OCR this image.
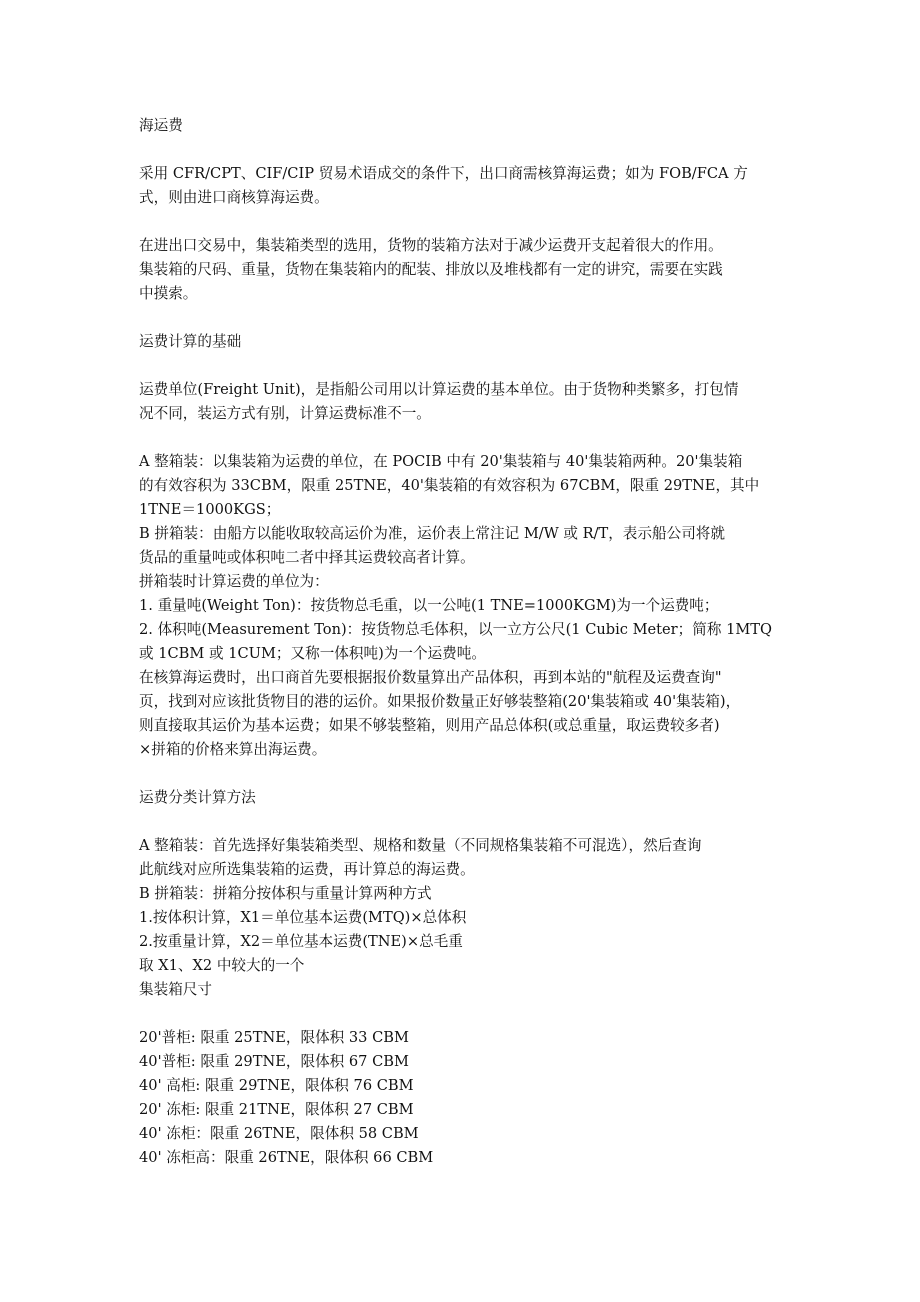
海运费

采用 CFR/CPT、CIF/CIP 贸易术语成交的条件下，出口商需核算海运费；如为 FOB/FCA 方

式，则由进口商核算海运费。

在进出口交易中，集装箱类型的选用，货物的装箱方法对于减少运费开支起着很大的作用。

集装箱的尺码、重量，货物在集装箱内的配装、排放以及堆栈都有一定的讲究，需要在实践

中摸索。

运费计算的基础

运费单位(Freight Unit)，是指船公司用以计算运费的基本单位。由于货物种类繁多，打包情

况不同，装运方式有别，计算运费标准不一。

A 整箱装：以集装箱为运费的单位，在 POCIB 中有 20'集装箱与 40'集装箱两种。20'集装箱

的有效容积为 33CBM，限重 25TNE，40'集装箱的有效容积为 67CBM，限重 29TNE，其中

1TNE＝1000KGS；

B 拼箱装：由船方以能收取较高运价为准，运价表上常注记 M/W 或 R/T，表示船公司将就

货品的重量吨或体积吨二者中择其运费较高者计算。

拼箱装时计算运费的单位为：

1. 重量吨(Weight Ton)：按货物总毛重，以一公吨(1 TNE=1000KGM)为一个运费吨；

2. 体积吨(Measurement Ton)：按货物总毛体积，以一立方公尺(1 Cubic Meter；简称 1MTQ

或 1CBM 或 1CUM；又称一体积吨)为一个运费吨。

在核算海运费时，出口商首先要根据报价数量算出产品体积，再到本站的"航程及运费查询"

页，找到对应该批货物目的港的运价。如果报价数量正好够装整箱(20'集装箱或 40'集装箱)，

则直接取其运价为基本运费；如果不够装整箱，则用产品总体积(或总重量，取运费较多者)

×拼箱的价格来算出海运费。

运费分类计算方法

A 整箱装：首先选择好集装箱类型、规格和数量（不同规格集装箱不可混选），然后查询

此航线对应所选集装箱的运费，再计算总的海运费。

B 拼箱装：拼箱分按体积与重量计算两种方式

1.按体积计算，X1＝单位基本运费(MTQ)×总体积

2.按重量计算，X2＝单位基本运费(TNE)×总毛重

取 X1、X2 中较大的一个

集装箱尺寸

20'普柜: 限重 25TNE，限体积 33 CBM

40'普柜: 限重 29TNE，限体积 67 CBM

40' 高柜: 限重 29TNE，限体积 76 CBM

20' 冻柜: 限重 21TNE，限体积 27 CBM

40' 冻柜：限重 26TNE，限体积 58 CBM

40' 冻柜高：限重 26TNE，限体积 66 CBM
